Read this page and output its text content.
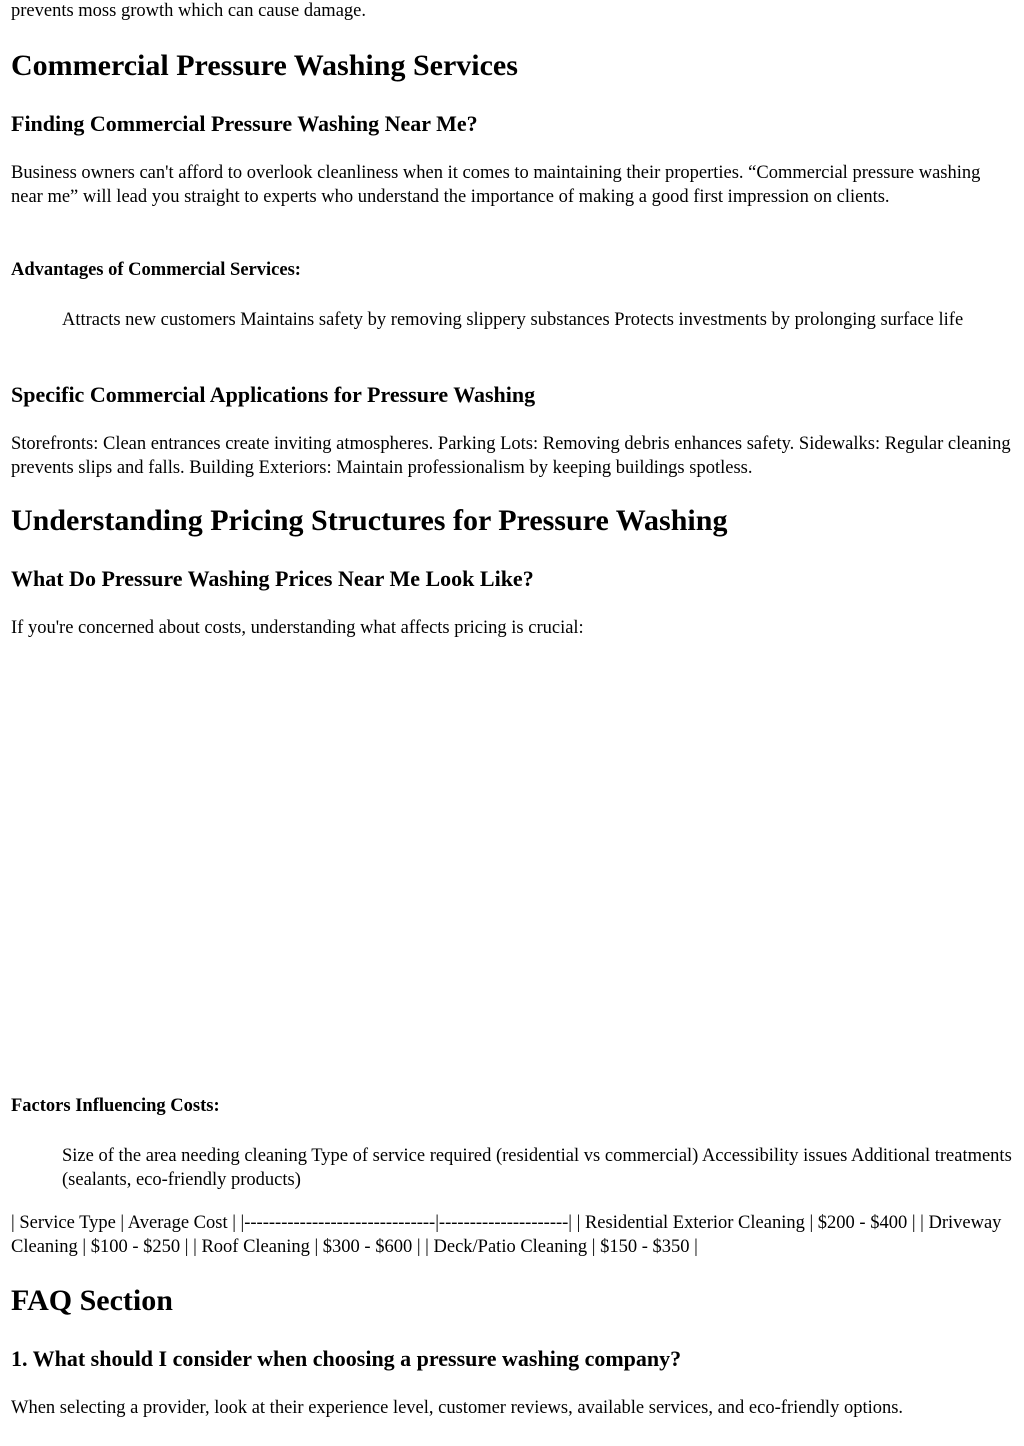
prevents moss growth which can cause damage.

Commercial Pressure Washing Services
Finding Commercial Pressure Washing Near Me?

Business owners can't afford to overlook cleanliness when it comes to maintaining their properties. “Commercial pressure washing near me” will lead you straight to experts who understand the importance of making a good first impression on clients.

Advantages of Commercial Services:
Attracts new customers Maintains safety by removing slippery substances Protects investments by prolonging surface life
Specific Commercial Applications for Pressure Washing

Storefronts: Clean entrances create inviting atmospheres. Parking Lots: Removing debris enhances safety. Sidewalks: Regular cleaning prevents slips and falls. Building Exteriors: Maintain professionalism by keeping buildings spotless.

Understanding Pricing Structures for Pressure Washing
What Do Pressure Washing Prices Near Me Look Like?

If you're concerned about costs, understanding what affects pricing is crucial:

Factors Influencing Costs:
Size of the area needing cleaning Type of service required (residential vs commercial) Accessibility issues Additional treatments (sealants, eco-friendly products)

| Service Type | Average Cost | |-------------------------------|---------------------| | Residential Exterior Cleaning | $200 - $400 | | Driveway Cleaning | $100 - $250 | | Roof Cleaning | $300 - $600 | | Deck/Patio Cleaning | $150 - $350 |

FAQ Section
1. What should I consider when choosing a pressure washing company?

When selecting a provider, look at their experience level, customer reviews, available services, and eco-friendly options.
